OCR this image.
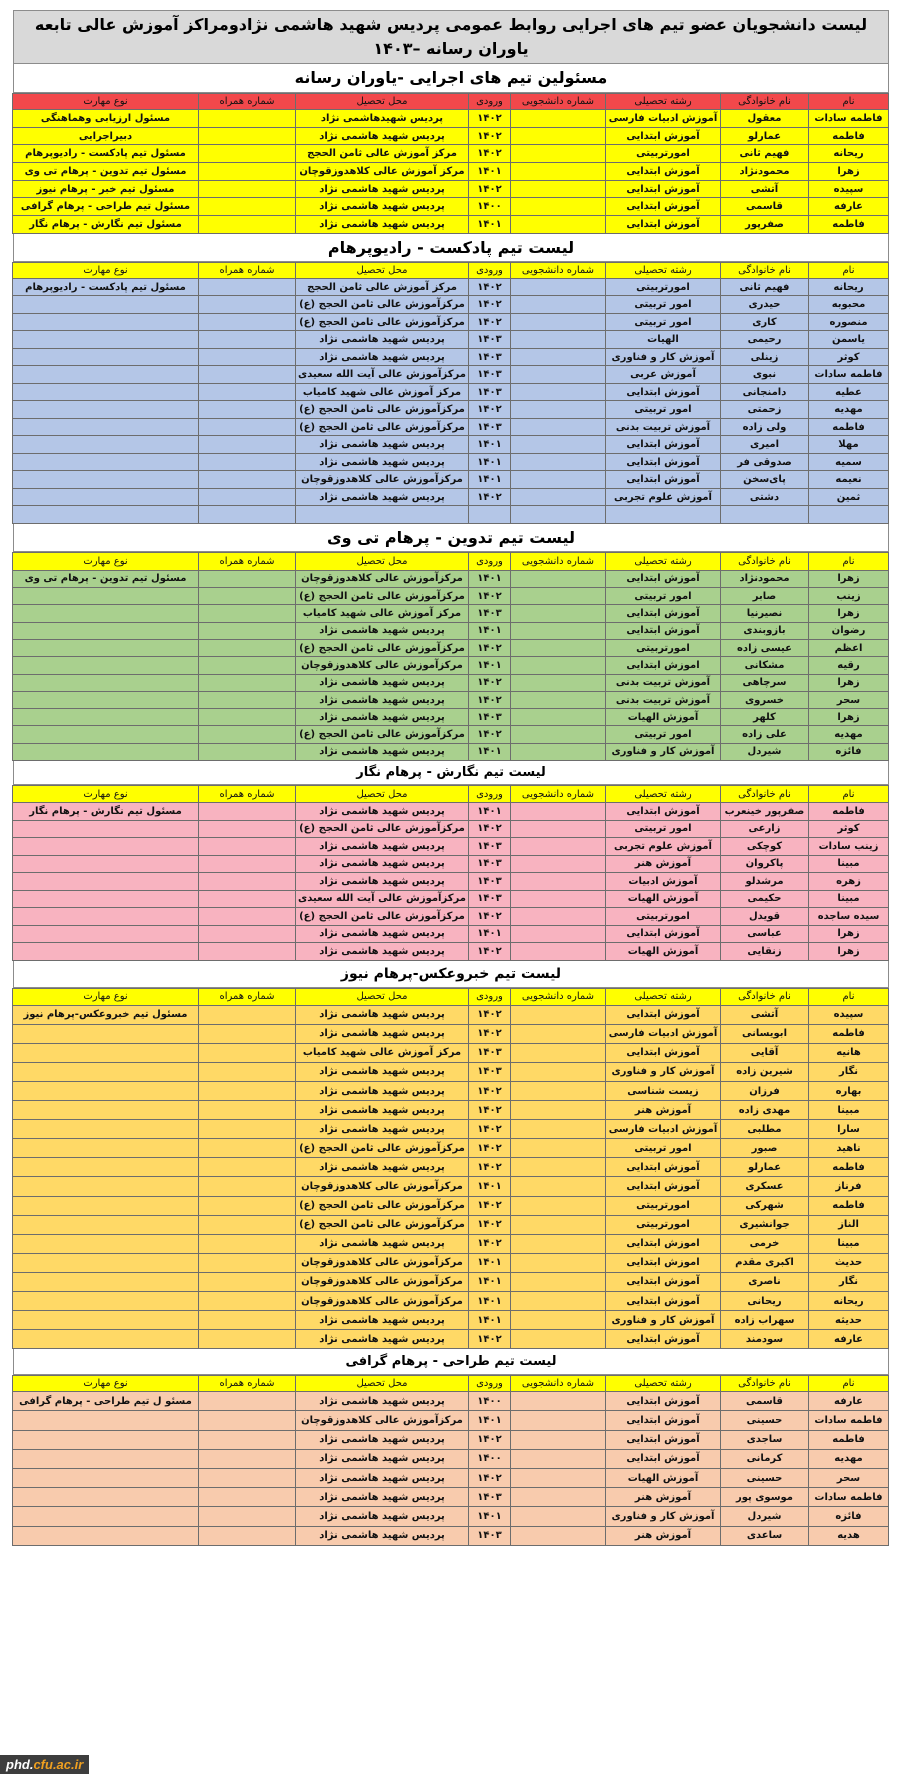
لیست دانشجویان عضو تیم های اجرایی روابط عمومی پردیس شهید هاشمی نژادومراکز آموزش عالی تابعه
یاوران رسانه –۱۴۰۳
مسئولین تیم های اجرایی -یاوران رسانه
نام	نام خانوادگی	رشته تحصیلی	شماره دانشجویی	ورودی	محل تحصیل	شماره همراه	نوع مهارت
فاطمه سادات	معقول	آموزش ادبیات فارسی		۱۴۰۲	پردیس شهیدهاشمی نژاد		مسئول ارزیابی وهماهنگی
فاطمه	عمارلو	آموزش ابتدایی		۱۴۰۲	پردیس شهید هاشمی نژاد		دبیراجرایی
ریحانه	فهیم ثانی	امورتربیتی		۱۴۰۲	مرکز آموزش عالی ثامن الحجج		مسئول تیم پادکست - رادیوپرهام
زهرا	محمودنژاد	آموزش ابتدایی		۱۴۰۱	مرکز آموزش عالی کلاهدوزقوچان		مسئول تیم تدوین - پرهام تی وی
سپیده	آتشی	آموزش ابتدایی		۱۴۰۲	پردیس شهید هاشمی نژاد		مسئول تیم خبر - پرهام نیوز
عارفه	قاسمی	آموزش ابتدایی		۱۴۰۰	پردیس شهید هاشمی نژاد		مسئول تیم طراحی - پرهام گرافی
فاطمه	صفرپور	آموزش ابتدایی		۱۴۰۱	پردیس شهید هاشمی نژاد		مسئول تیم نگارش - پرهام نگار
لیست تیم پادکست - رادیوپرهام
نام	نام خانوادگی	رشته تحصیلی	شماره دانشجویی	ورودی	محل تحصیل	شماره همراه	نوع مهارت
ریحانه	فهیم ثانی	امورتربیتی		۱۴۰۲	مرکز آموزش عالی ثامن الحجج		مسئول تیم پادکست - رادیوپرهام
محبوبه	حیدری	امور تربیتی		۱۴۰۲	مرکزآموزش عالی ثامن الحجج (ع)		
منصوره	کاری	امور تربیتی		۱۴۰۲	مرکزآموزش عالی ثامن الحجج (ع)		
یاسمن	رحیمی	الهیات		۱۴۰۳	پردیس شهید هاشمی نژاد		
کوثر	زینلی	آموزش کار و فناوری		۱۴۰۳	پردیس شهید هاشمی نژاد		
فاطمه سادات	نبوی	آموزش عربی		۱۴۰۳	مرکزآموزش عالی آیت الله سعیدی		
عطیه	دامنجانی	آموزش ابتدایی		۱۴۰۳	مرکز آموزش عالی شهید کامیاب		
مهدیه	زحمتی	امور تربیتی		۱۴۰۲	مرکزآموزش عالی ثامن الحجج (ع)		
فاطمه	ولی زاده	آموزش تربیت بدنی		۱۴۰۳	مرکزآموزش عالی ثامن الحجج (ع)		
مهلا	امیری	آموزش ابتدایی		۱۴۰۱	پردیس شهید هاشمی نژاد		
سمیه	صدوقی فر	آموزش ابتدایی		۱۴۰۱	پردیس شهید هاشمی نژاد		
نعیمه	پای‌سخن	آموزش ابتدایی		۱۴۰۱	مرکزآموزش عالی کلاهدوزقوچان		
ثمین	دشتی	آموزش علوم تجربی		۱۴۰۲	پردیس شهید هاشمی نژاد		

لیست تیم تدوین - پرهام تی وی
نام	نام خانوادگی	رشته تحصیلی	شماره دانشجویی	ورودی	محل تحصیل	شماره همراه	نوع مهارت
زهرا	محمودنژاد	آموزش ابتدایی		۱۴۰۱	مرکزآموزش عالی کلاهدوزقوچان		مسئول تیم تدوین - پرهام تی وی
زینب	صابر	امور تربیتی		۱۴۰۲	مرکزآموزش عالی ثامن الحجج (ع)		
زهرا	نصیرنیا	آموزش ابتدایی		۱۴۰۳	مرکز آموزش عالی شهید کامیاب		
رضوان	بازوبندی	آموزش ابتدایی		۱۴۰۱	پردیس شهید هاشمی نژاد		
اعظم	عیسی زاده	امورتربیتی		۱۴۰۲	مرکزآموزش عالی ثامن الحجج (ع)		
رقیه	مشکانی	اموزش ابتدایی		۱۴۰۱	مرکزآموزش عالی کلاهدوزقوچان		
زهرا	سرچاهی	آموزش تربیت بدنی		۱۴۰۲	پردیس شهید هاشمی نژاد		
سحر	خسروی	آموزش تربیت بدنی		۱۴۰۲	پردیس شهید هاشمی نژاد		
زهرا	کلهر	آموزش الهیات		۱۴۰۳	پردیس شهید هاشمی نژاد		
مهدیه	علی زاده	امور تربیتی		۱۴۰۲	مرکزآموزش عالی ثامن الحجج (ع)		
فائزه	شیردل	آموزش کار و فناوری		۱۴۰۱	پردیس شهید هاشمی نژاد		
لیست تیم نگارش - پرهام نگار
نام	نام خانوادگی	رشته تحصیلی	شماره دانشجویی	ورودی	محل تحصیل	شماره همراه	نوع مهارت
فاطمه	صفرپور خینعرب	آموزش ابتدایی		۱۴۰۱	پردیس شهید هاشمی نژاد		مسئول تیم نگارش - پرهام نگار
کوثر	زارعی	امور تربیتی		۱۴۰۲	مرکزآموزش عالی ثامن الحجج (ع)		
زینب سادات	کوچکی	آموزش علوم تجربی		۱۴۰۳	پردیس شهید هاشمی نژاد		
مبینا	پاکروان	آموزش هنر		۱۴۰۳	پردیس شهید هاشمی نژاد		
زهره	مرشدلو	آموزش ادبیات		۱۴۰۳	پردیس شهید هاشمی نژاد		
مبینا	حکیمی	آموزش الهیات		۱۴۰۳	مرکزآموزش عالی آیت الله سعیدی		
سیده ساجده	قویدل	امورتربیتی		۱۴۰۲	مرکزآموزش عالی ثامن الحجج (ع)		
زهرا	عباسی	آموزش ابتدایی		۱۴۰۱	پردیس شهید هاشمی نژاد		
زهرا	زنقایی	آموزش الهیات		۱۴۰۲	پردیس شهید هاشمی نژاد		
لیست تیم خبروعکس-پرهام نیوز
نام	نام خانوادگی	رشته تحصیلی	شماره دانشجویی	ورودی	محل تحصیل	شماره همراه	نوع مهارت
سپیده	آتشی	آموزش ابتدایی		۱۴۰۲	پردیس شهید هاشمی نژاد		مسئول تیم خبروعکس-پرهام نیوز
فاطمه	ابویسانی	آموزش ادبیات فارسی		۱۴۰۲	پردیس شهید هاشمی نژاد		
هانیه	آقایی	آموزش ابتدایی		۱۴۰۳	مرکز آموزش عالی شهید کامیاب		
نگار	شیرین زاده	آموزش کار و فناوری		۱۴۰۳	پردیس شهید هاشمی نژاد		
بهاره	فرزان	زیست شناسی		۱۴۰۲	پردیس شهید هاشمی نژاد		
مبینا	مهدی زاده	آموزش هنر		۱۴۰۲	پردیس شهید هاشمی نژاد		
سارا	مطلبی	آموزش ادبیات فارسی		۱۴۰۲	پردیس شهید هاشمی نژاد		
ناهید	صبور	امور تربیتی		۱۴۰۲	مرکزآموزش عالی ثامن الحجج (ع)		
فاطمه	عمارلو	آموزش ابتدایی		۱۴۰۲	پردیس شهید هاشمی نژاد		
فرناز	عسکری	آموزش ابتدایی		۱۴۰۱	مرکزآموزش عالی کلاهدوزقوچان		
فاطمه	شهرکی	امورتربیتی		۱۴۰۲	مرکزآموزش عالی ثامن الحجج (ع)		
الناز	جوانشیری	امورتربیتی		۱۴۰۲	مرکزآموزش عالی ثامن الحجج (ع)		
مبینا	خرمی	اموزش ابتدایی		۱۴۰۲	پردیس شهید هاشمی نژاد		
حدیث	اکبری مقدم	اموزش ابتدایی		۱۴۰۱	مرکزآموزش عالی کلاهدوزقوچان		
نگار	ناصری	آموزش ابتدایی		۱۴۰۱	مرکزآموزش عالی کلاهدوزقوچان		
ریحانه	ریحانی	آموزش ابتدایی		۱۴۰۱	مرکزآموزش عالی کلاهدوزقوچان		
حدیثه	سهراب زاده	آموزش کار و فناوری		۱۴۰۱	پردیس شهید هاشمی نژاد		
عارفه	سودمند	آموزش ابتدایی		۱۴۰۲	پردیس شهید هاشمی نژاد		
لیست تیم طراحی - پرهام گرافی
نام	نام خانوادگی	رشته تحصیلی	شماره دانشجویی	ورودی	محل تحصیل	شماره همراه	نوع مهارت
عارفه	قاسمی	آموزش ابتدایی		۱۴۰۰	پردیس شهید هاشمی نژاد		مسئو ل تیم طراحی - پرهام گرافی
فاطمه سادات	حسینی	آموزش ابتدایی		۱۴۰۱	مرکزآموزش عالی کلاهدوزقوچان		
فاطمه	ساجدی	آموزش ابتدایی		۱۴۰۲	پردیس شهید هاشمی نژاد		
مهدیه	کرمانی	آموزش ابتدایی		۱۴۰۰	پردیس شهید هاشمی نژاد		
سحر	حسینی	آموزش الهیات		۱۴۰۲	پردیس شهید هاشمی نژاد		
فاطمه سادات	موسوی پور	آموزش هنر		۱۴۰۳	پردیس شهید هاشمی نژاد		
فائزه	شیردل	آموزش کار و فناوری		۱۴۰۱	پردیس شهید هاشمی نژاد		
هدیه	ساعدی	آموزش هنر		۱۴۰۳	پردیس شهید هاشمی نژاد		
phd.cfu.ac.ir
